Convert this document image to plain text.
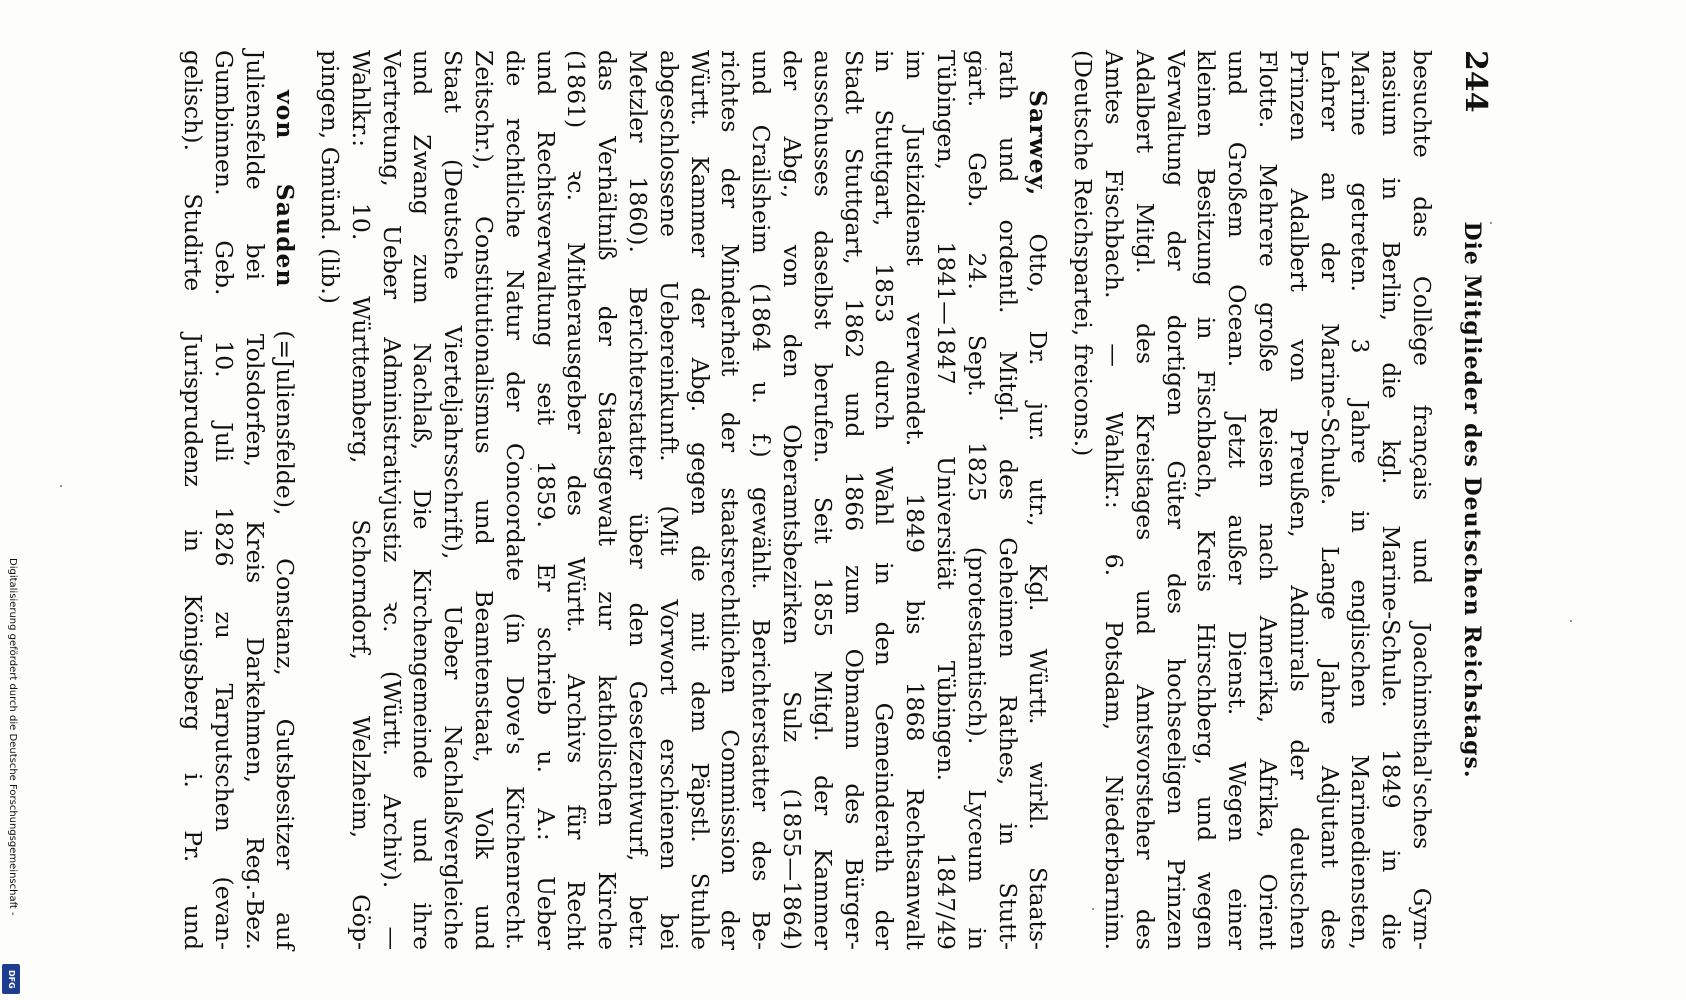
244
Die Mitglieder des Deutschen Reichstags.
besuchte das Collège français und Joachimsthal'sches Gym-
nasium in Berlin, die kgl. Marine-Schule. 1849 in die
Marine getreten. 3 Jahre in englischen Marinediensten,
Lehrer an der Marine-Schule. Lange Jahre Adjutant des
Prinzen Adalbert von Preußen, Admirals der deutschen
Flotte. Mehrere große Reisen nach Amerika, Afrika, Orient
und Großem Ocean. Jetzt außer Dienst. Wegen einer
kleinen Besitzung in Fischbach, Kreis Hirschberg, und wegen
Verwaltung der dortigen Güter des hochseeligen Prinzen
Adalbert Mitgl. des Kreistages und Amtsvorsteher des
Amtes Fischbach. — Wahlkr.: 6. Potsdam, Niederbarnim.
(Deutsche Reichspartei, freicons.)
Sarwey, Otto, Dr. jur. utr., Kgl. Württ. wirkl. Staats-
rath und ordentl. Mitgl. des Geheimen Rathes, in Stutt-
gart. Geb. 24. Sept. 1825 (protestantisch). Lyceum in
Tübingen, 1841—1847 Universität Tübingen. 1847/49
im Justizdienst verwendet. 1849 bis 1868 Rechtsanwalt
in Stuttgart, 1853 durch Wahl in den Gemeinderath der
Stadt Stuttgart, 1862 und 1866 zum Obmann des Bürger-
ausschusses daselbst berufen. Seit 1855 Mitgl. der Kammer
der Abg., von den Oberamtsbezirken Sulz (1855—1864)
und Crailsheim (1864 u. f.) gewählt. Berichterstatter des Be-
richtes der Minderheit der staatsrechtlichen Commission der
Württ. Kammer der Abg. gegen die mit dem Päpstl. Stuhle
abgeschlossene Uebereinkunft. (Mit Vorwort erschienen bei
Metzler 1860). Berichterstatter über den Gesetzentwurf, betr.
das Verhältniß der Staatsgewalt zur katholischen Kirche
(1861) ꝛc. Mitherausgeber des Württ. Archivs für Recht
und Rechtsverwaltung seit 1859. Er schrieb u. A.: Ueber
die rechtliche Natur der Concordate (in Dove's Kirchenrecht.
Zeitschr.), Constitutionalismus und Beamtenstaat, Volk und
Staat (Deutsche Vierteljahrsschrift), Ueber Nachlaßvergleiche
und Zwang zum Nachlaß, Die Kirchengemeinde und ihre
Vertretung, Ueber Administrativjustiz ꝛc. (Württ. Archiv). —
Wahlkr.: 10. Württemberg, Schorndorf, Welzheim, Göp-
pingen, Gmünd. (lib.)
von Sauden (=Juliensfelde), Constanz, Gutsbesitzer auf
Juliensfelde bei Tolsdorfen, Kreis Darkehmen, Reg.-Bez.
Gumbinnen. Geb. 10. Juli 1826 zu Tarputschen (evan-
gelisch). Studirte Jurisprudenz in Königsberg i. Pr. und
Digitalisierung gefördert durch die Deutsche Forschungsgemeinschaft -
DFG
